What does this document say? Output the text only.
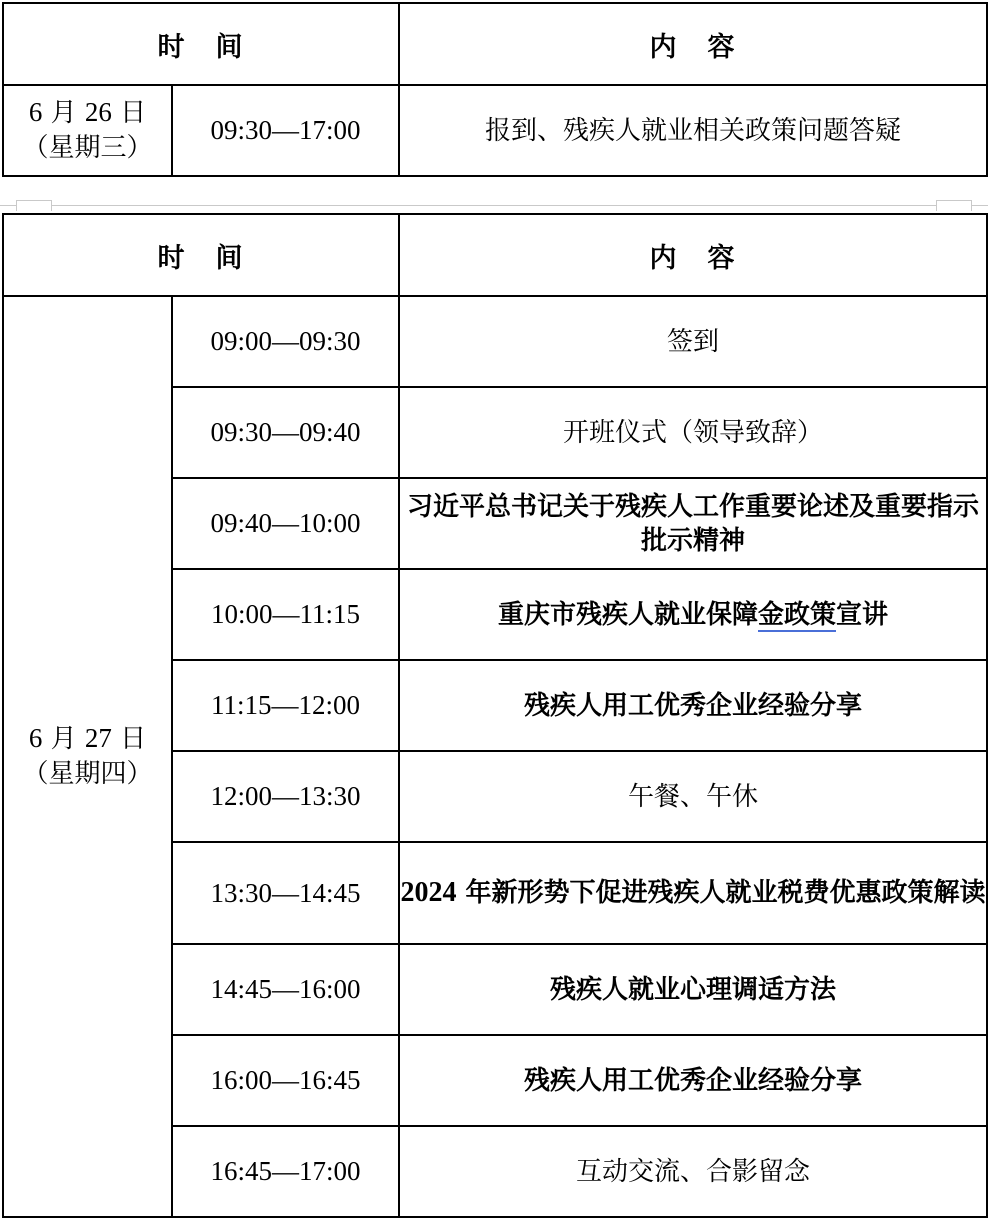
时　间		内　容

6 月 26 日
（星期三）	09:30—17:00	报到、残疾人就业相关政策问题答疑
时　间		内　容

6 月 27 日
（星期四）	09:00—09:30	签到
	09:30—09:40	开班仪式（领导致辞）
	09:40—10:00	习近平总书记关于残疾人工作重要论述及重要指示批示精神
	10:00—11:15	重庆市残疾人就业保障金政策宣讲
	11:15—12:00	残疾人用工优秀企业经验分享
	12:00—13:30	午餐、午休
	13:30—14:45	2024 年新形势下促进残疾人就业税费优惠政策解读
	14:45—16:00	残疾人就业心理调适方法
	16:00—16:45	残疾人用工优秀企业经验分享
	16:45—17:00	互动交流、合影留念
